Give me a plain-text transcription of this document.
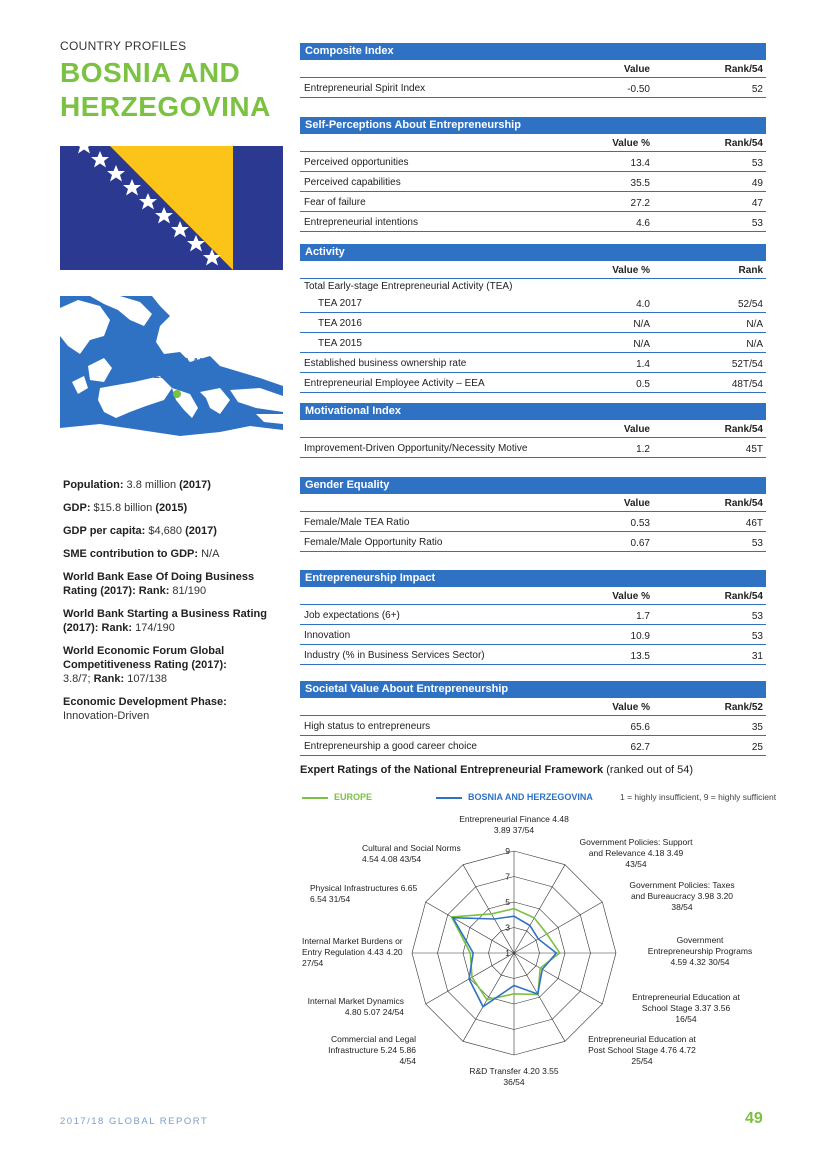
COUNTRY PROFILES
BOSNIA AND
HERZEGOVINA
BOSNIA AND
HERZEGOVINA
Population: 3.8 million (2017)
GDP: $15.8 billion (2015)
GDP per capita: $4,680 (2017)
SME contribution to GDP: N/A
World Bank Ease Of Doing Business Rating (2017): Rank: 81/190
World Bank Starting a Business Rating (2017): Rank: 174/190
World Economic Forum Global Competitiveness Rating (2017):
3.8/7; Rank: 107/138
Economic Development Phase:
Innovation-Driven
Composite Index
Value	Rank/54
Entrepreneurial Spirit Index	-0.50	52
Self-Perceptions About Entrepreneurship
Value %	Rank/54
Perceived opportunities	13.4	53
Perceived capabilities	35.5	49
Fear of failure	27.2	47
Entrepreneurial intentions	4.6	53
Activity
Value %	Rank
Total Early-stage Entrepreneurial Activity (TEA)
TEA 2017	4.0	52/54
TEA 2016	N/A	N/A
TEA 2015	N/A	N/A
Established business ownership rate	1.4	52T/54
Entrepreneurial Employee Activity – EEA	0.5	48T/54
Motivational Index
Value	Rank/54
Improvement-Driven Opportunity/Necessity Motive	1.2	45T
Gender Equality
Value	Rank/54
Female/Male TEA Ratio	0.53	46T
Female/Male Opportunity Ratio	0.67	53
Entrepreneurship Impact
Value %	Rank/54
Job expectations (6+)	1.7	53
Innovation	10.9	53
Industry (% in Business Services Sector)	13.5	31
Societal Value About Entrepreneurship
Value %	Rank/52
High status to entrepreneurs	65.6	35
Entrepreneurship a good career choice	62.7	25
Expert Ratings of the National Entrepreneurial Framework (ranked out of 54)
EUROPE	BOSNIA AND HERZEGOVINA	1 = highly insufficient, 9 = highly sufficient
1
3
5
7
9
Entrepreneurial Finance 4.48 3.89 37/54
Government Policies: Support and Relevance 4.18 3.49 43/54
Government Policies: Taxes and Bureaucracy 3.98 3.20 38/54
Government Entrepreneurship Programs 4.59 4.32 30/54
Entrepreneurial Education at School Stage 3.37 3.56 16/54
Entrepreneurial Education at Post School Stage 4.76 4.72 25/54
R&D Transfer 4.20 3.55 36/54
Commercial and Legal Infrastructure 5.24 5.86 4/54
Internal Market Dynamics 4.80 5.07 24/54
Internal Market Burdens or Entry Regulation 4.43 4.20 27/54
Physical Infrastructures 6.65 6.54 31/54
Cultural and Social Norms 4.54 4.08 43/54
2017/18 GLOBAL REPORT	49
